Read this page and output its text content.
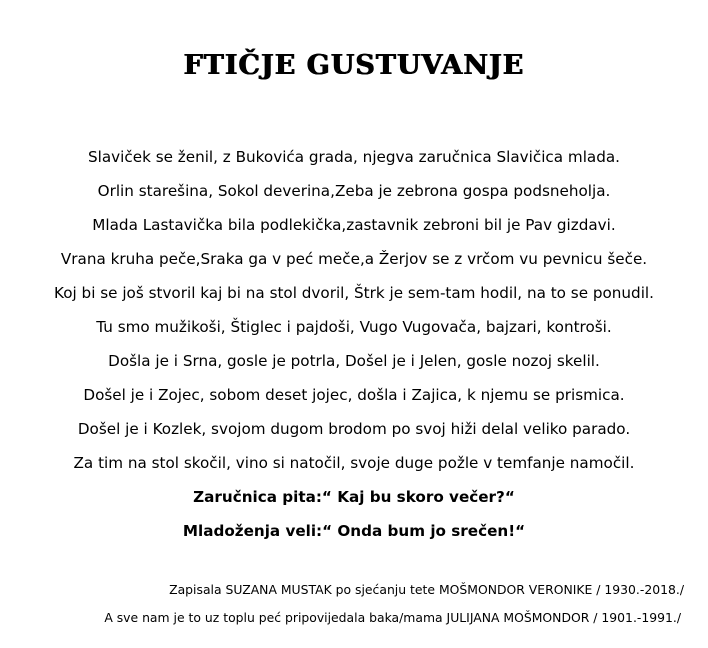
FTIČJE GUSTUVANJE
Slaviček se ženil, z Bukovića grada, njegva zaručnica Slavičica mlada.
Orlin starešina, Sokol deverina,Zeba je zebrona gospa podsneholja.
Mlada Lastavička bila podlekička,zastavnik zebroni bil je Pav gizdavi.
Vrana kruha peče,Sraka ga v peć meče,a Žerjov se z vrčom vu pevnicu šeče.
Koj bi se još stvoril kaj bi na stol dvoril, Štrk je sem-tam hodil, na to se ponudil.
Tu smo mužikoši, Štiglec i pajdoši, Vugo Vugovača, bajzari, kontroši.
Došla je i Srna, gosle je potrla, Došel je i Jelen, gosle nozoj skelil.
Došel je i Zojec, sobom deset jojec, došla i Zajica, k njemu se prismica.
Došel je i Kozlek, svojom dugom brodom po svoj hiži delal veliko parado.
Za tim na stol skočil, vino si natočil, svoje duge požle v temfanje namočil.
Zaručnica pita:“ Kaj bu skoro večer?“
Mladoženja veli:“ Onda bum jo srečen!“
Zapisala SUZANA MUSTAK po sjećanju tete MOŠMONDOR VERONIKE / 1930.-2018./
A sve nam je to uz toplu peć pripovijedala baka/mama JULIJANA MOŠMONDOR / 1901.-1991./
